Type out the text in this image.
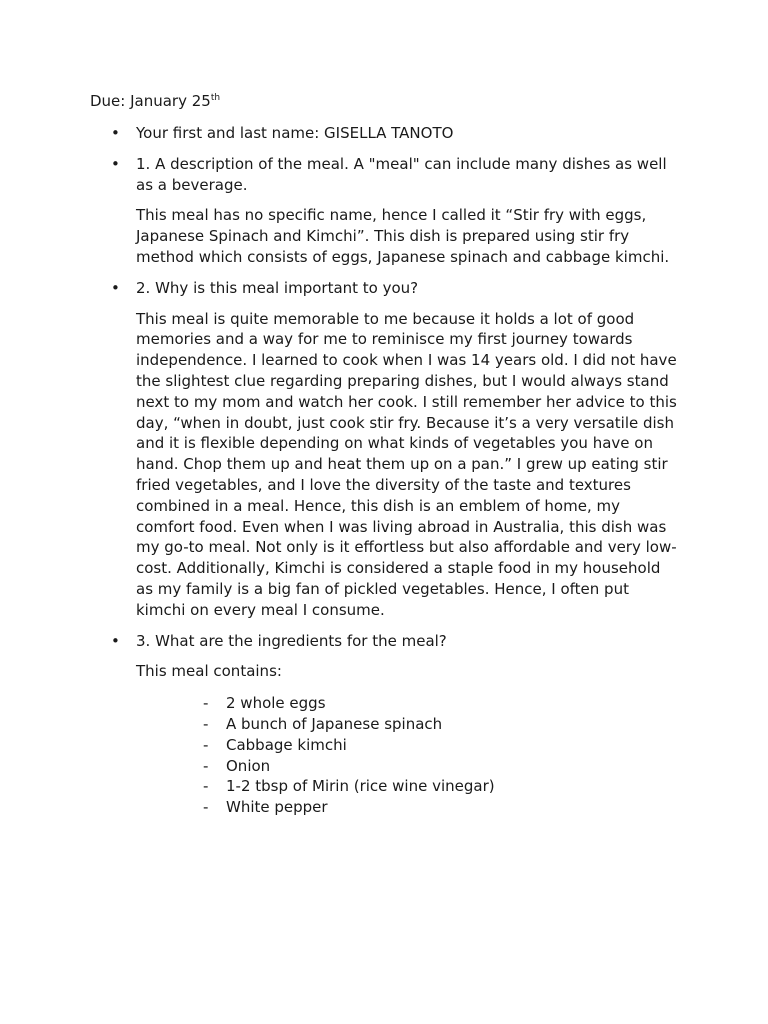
Due: January 25th

• Your first and last name: GISELLA TANOTO
• 1. A description of the meal. A "meal" can include many dishes as well as a beverage.

This meal has no specific name, hence I called it “Stir fry with eggs, Japanese Spinach and Kimchi”. This dish is prepared using stir fry method which consists of eggs, Japanese spinach and cabbage kimchi.

• 2. Why is this meal important to you?

This meal is quite memorable to me because it holds a lot of good memories and a way for me to reminisce my first journey towards independence. I learned to cook when I was 14 years old. I did not have the slightest clue regarding preparing dishes, but I would always stand next to my mom and watch her cook. I still remember her advice to this day, “when in doubt, just cook stir fry. Because it’s a very versatile dish and it is flexible depending on what kinds of vegetables you have on hand. Chop them up and heat them up on a pan.” I grew up eating stir fried vegetables, and I love the diversity of the taste and textures combined in a meal. Hence, this dish is an emblem of home, my comfort food. Even when I was living abroad in Australia, this dish was my go-to meal. Not only is it effortless but also affordable and very low-cost. Additionally, Kimchi is considered a staple food in my household as my family is a big fan of pickled vegetables. Hence, I often put kimchi on every meal I consume.

• 3. What are the ingredients for the meal?

This meal contains:

- 2 whole eggs
- A bunch of Japanese spinach
- Cabbage kimchi
- Onion
- 1-2 tbsp of Mirin (rice wine vinegar)
- White pepper
